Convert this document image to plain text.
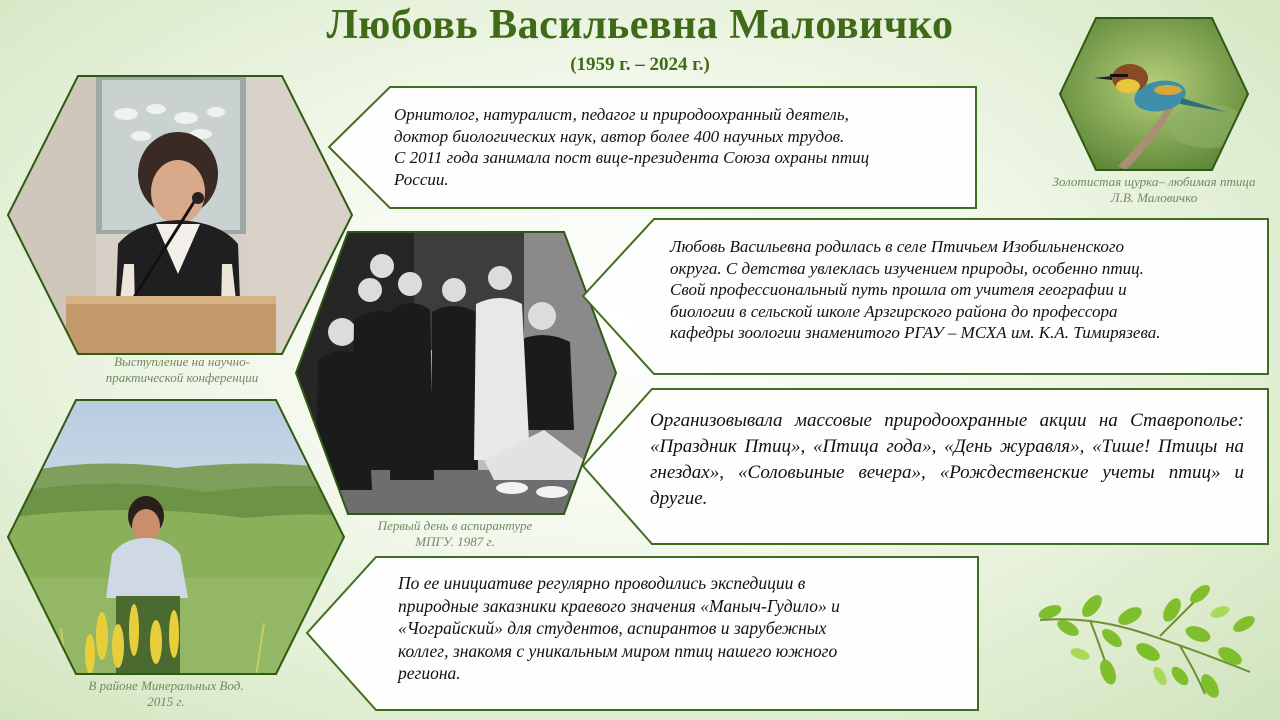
Любовь Васильевна Маловичко
(1959 г. – 2024 г.)
Выступление на научно-практической конференции
В районе Минеральных Вод. 2015 г.
Первый день в аспирантуре МПГУ. 1987 г.
Золотистая щурка– любимая птица Л.В. Маловичко
Орнитолог, натуралист, педагог и природоохранный деятель,
доктор биологических наук, автор более 400 научных трудов.
С 2011 года занимала пост вице-президента Союза охраны птиц
России.
Любовь Васильевна родилась в селе Птичьем Изобильненского
округа. С детства увлеклась изучением природы, особенно птиц.
Свой профессиональный путь прошла от учителя географии и
биологии в сельской школе Арзгирского района до профессора
кафедры зоологии знаменитого РГАУ – МСХА им. К.А. Тимирязева.
Организовывала массовые природоохранные акции на Ставрополье: «Праздник Птиц», «Птица года», «День журавля», «Тише! Птицы на гнездах», «Соловьиные вечера», «Рождественские учеты птиц» и другие.
По ее инициативе регулярно проводились экспедиции в
природные заказники краевого значения «Маныч-Гудило» и
«Чограйский» для студентов, аспирантов и зарубежных
коллег, знакомя с уникальным миром птиц нашего южного
региона.
